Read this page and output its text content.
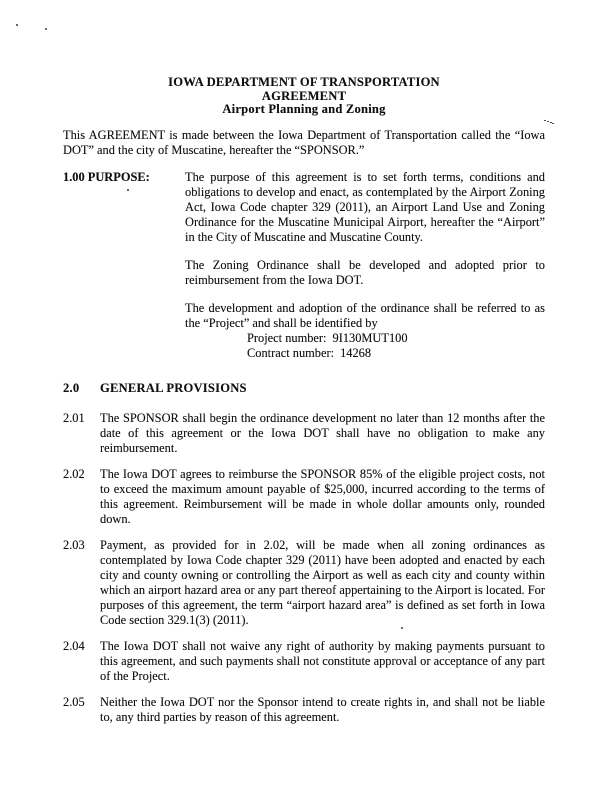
IOWA DEPARTMENT OF TRANSPORTATION
AGREEMENT
Airport Planning and Zoning
This AGREEMENT is made between the Iowa Department of Transportation called the “Iowa DOT” and the city of Muscatine, hereafter the “SPONSOR.”
1.00 PURPOSE:	The purpose of this agreement is to set forth terms, conditions and obligations to develop and enact, as contemplated by the Airport Zoning Act, Iowa Code chapter 329 (2011), an Airport Land Use and Zoning Ordinance for the Muscatine Municipal Airport, hereafter the “Airport” in the City of Muscatine and Muscatine County.

The Zoning Ordinance shall be developed and adopted prior to reimbursement from the Iowa DOT.

The development and adoption of the ordinance shall be referred to as the “Project” and shall be identified by

Project number: 9I130MUT100
Contract number: 14268
2.0	GENERAL PROVISIONS
2.01	The SPONSOR shall begin the ordinance development no later than 12 months after the date of this agreement or the Iowa DOT shall have no obligation to make any reimbursement.
2.02	The Iowa DOT agrees to reimburse the SPONSOR 85% of the eligible project costs, not to exceed the maximum amount payable of $25,000, incurred according to the terms of this agreement. Reimbursement will be made in whole dollar amounts only, rounded down.
2.03	Payment, as provided for in 2.02, will be made when all zoning ordinances as contemplated by Iowa Code chapter 329 (2011) have been adopted and enacted by each city and county owning or controlling the Airport as well as each city and county within which an airport hazard area or any part thereof appertaining to the Airport is located. For purposes of this agreement, the term “airport hazard area” is defined as set forth in Iowa Code section 329.1(3) (2011).
2.04	The Iowa DOT shall not waive any right of authority by making payments pursuant to this agreement, and such payments shall not constitute approval or acceptance of any part of the Project.
2.05	Neither the Iowa DOT nor the Sponsor intend to create rights in, and shall not be liable to, any third parties by reason of this agreement.
